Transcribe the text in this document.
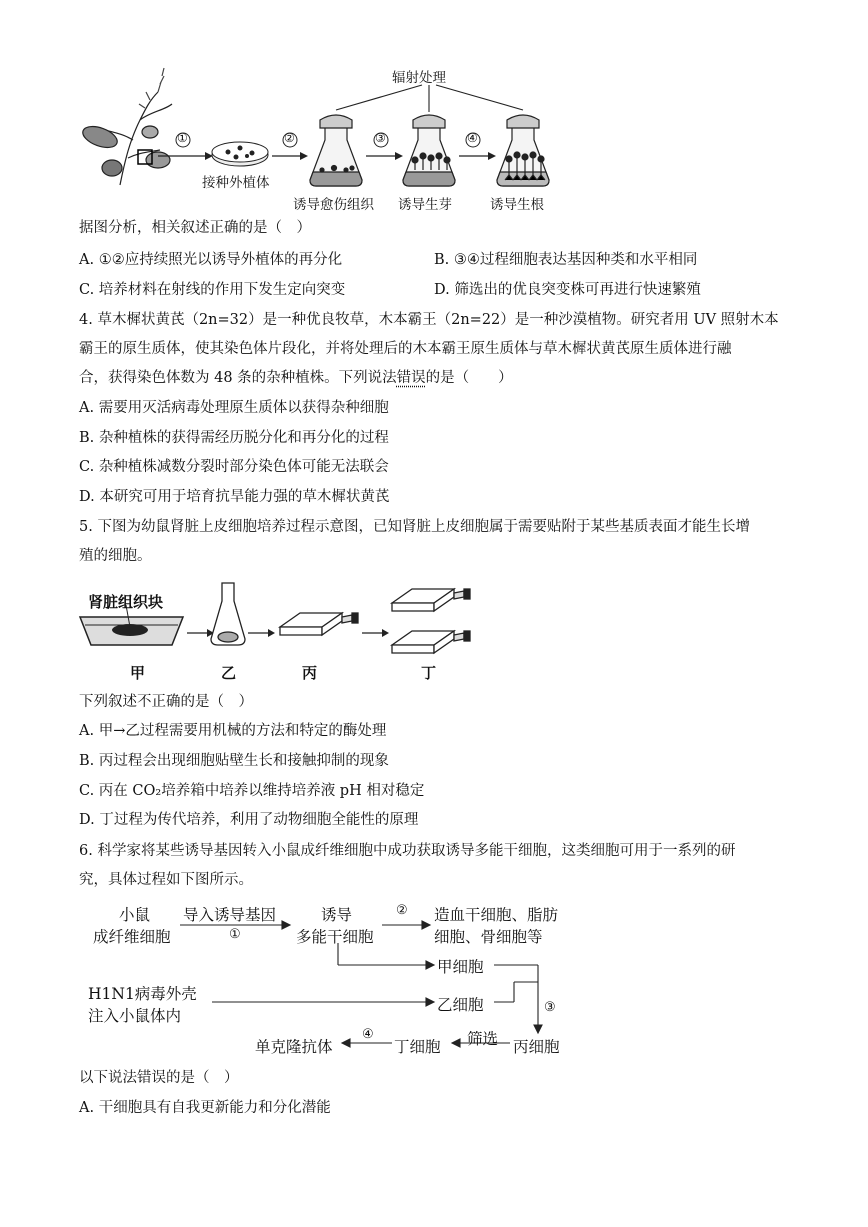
辐射处理
①	②	③	④
接种外植体
诱导愈伤组织 诱导生芽	诱导生根
据图分析，相关叙述正确的是（　）
A. ①②应持续照光以诱导外植体的再分化	B. ③④过程细胞表达基因种类和水平相同
C. 培养材料在射线的作用下发生定向突变	D. 筛选出的优良突变株可再进行快速繁殖
4. 草木樨状黄芪（2n=32）是一种优良牧草，木本霸王（2n=22）是一种沙漠植物。研究者用 UV 照射木本
霸王的原生质体，使其染色体片段化，并将处理后的木本霸王原生质体与草木樨状黄芪原生质体进行融
合，获得染色体数为 48 条的杂种植株。下列说法错误的是（　　）
A. 需要用灭活病毒处理原生质体以获得杂种细胞
B. 杂种植株的获得需经历脱分化和再分化的过程
C. 杂种植株减数分裂时部分染色体可能无法联会
D. 本研究可用于培育抗旱能力强的草木樨状黄芪
5. 下图为幼鼠肾脏上皮细胞培养过程示意图，已知肾脏上皮细胞属于需要贴附于某些基质表面才能生长增
殖的细胞。
肾脏组织块
甲	乙	丙	丁
下列叙述不正确的是（　）
A. 甲→乙过程需要用机械的方法和特定的酶处理
B. 丙过程会出现细胞贴壁生长和接触抑制的现象
C. 丙在 CO₂培养箱中培养以维持培养液 pH 相对稳定
D. 丁过程为传代培养，利用了动物细胞全能性的原理
6. 科学家将某些诱导基因转入小鼠成纤维细胞中成功获取诱导多能干细胞，这类细胞可用于一系列的研
究，具体过程如下图所示。
小鼠
成纤维细胞
导入诱导基因
①
诱导
多能干细胞
② 造血干细胞、脂肪
细胞、骨细胞等
甲细胞
H1N1病毒外壳
注入小鼠体内
乙细胞	③
单克隆抗体
④
丁细胞 筛选 丙细胞
以下说法错误的是（　）
A. 干细胞具有自我更新能力和分化潜能
